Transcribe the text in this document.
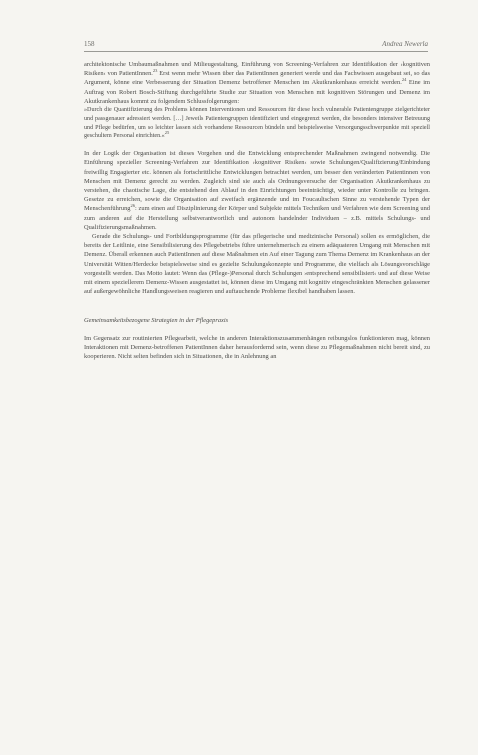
158	Andrea Newerla

architektonische Umbaumaßnahmen und Milieugestaltung, Einführung von Screening-Verfahren zur Identifikation der ›kognitiven Risiken‹ von PatientInnen.$^{23}$ Erst wenn mehr Wissen über das PatientInnen generiert werde und das Fachwissen ausgebaut sei, so das Argument, könne eine Verbesserung der Situation Demenz betroffener Menschen im Akutkrankenhaus erreicht werden.$^{24}$ Eine im Auftrag von Robert Bosch-Stiftung durchgeführte Studie zur Situation von Menschen mit kognitiven Störungen und Demenz im Akutkrankenhaus kommt zu folgendem Schlussfolgerungen:

»Durch die Quantifizierung des Problems können Interventionen und Ressourcen für diese hoch vulnerable Patientengruppe zielgerichteter und passgenauer adressiert werden. […] Jeweils Patientengruppen identifiziert und eingegrenzt werden, die besonders intensiver Betreuung und Pflege bedürfen, um so leichter lassen sich vorhandene Ressourcen bündeln und beispielsweise Versorgungsschwerpunkte mit speziell geschultem Personal einrichten.«$^{25}$

In der Logik der Organisation ist dieses Vorgehen und die Entwicklung entsprechender Maßnahmen zwingend notwendig. Die Einführung spezieller Screening-Verfahren zur Identifikation ›kognitiver Risiken‹ sowie Schulungen/Qualifizierung/Einbindung freiwillig Engagierter etc. können als fortschrittliche Entwicklungen betrachtet werden, um besser den veränderten Patientinnen von Menschen mit Demenz gerecht zu werden. Zugleich sind sie auch als Ordnungsversuche der Organisation Akutkrankenhaus zu verstehen, die chaotische Lage, die entstehend den Ablauf in den Einrichtungen beeinträchtigt, wieder unter Kontrolle zu bringen. Gesetze zu erreichen, sowie die Organisation auf zweifach ergänzende und im Foucaultschen Sinne zu verstehende Typen der Menschenführung$^{26}$: zum einen auf Disziplinierung der Körper und Subjekte mittels Techniken und Verfahren wie dem Screening und zum anderen auf die Herstellung selbstverantwortlich und autonom handelnder Individuen – z.B. mittels Schulungs- und Qualifizierungsmaßnahmen.

Gerade die Schulungs- und Fortbildungsprogramme (für das pflegerische und medizinische Personal) sollen es ermöglichen, die bereits der Leitlinie, eine Sensibilisierung des Pflegebetriebs führe unternehmerisch zu einem adäquateren Umgang mit Menschen mit Demenz. Überall erkennen auch PatientInnen auf diese Maßnahmen ein Auf einer Tagung zum Thema Demenz im Krankenhaus an der Universität Witten/Herdecke beispielsweise sind es gezielte Schulungskonzepte und Programme, die vielfach als Lösungsvorschläge vorgestellt werden. Das Motto lautet: Wenn das (Pflege-)Personal durch Schulungen ›entsprechend sensibilisiert‹ und auf diese Weise mit einem speziellerem Demenz-Wissen ausgestattet ist, können diese im Umgang mit kognitiv eingeschränkten Menschen gelassener auf außergewöhnliche Handlungsweisen reagieren und auftauchende Probleme flexibel handhaben lassen.

Gemeinsamkeitsbezogene Strategien in der Pflegepraxis

Im Gegensatz zur routinierten Pflegearbeit, welche in anderen Interaktionszusammenhängen reibungslos funktionieren mag, können Interaktionen mit Demenz-betroffenen PatientInnen daher herausfordernd sein, wenn diese zu Pflegemaßnahmen nicht bereit sind, zu kooperieren. Nicht selten befinden sich in Situationen, die in Anlehnung an
